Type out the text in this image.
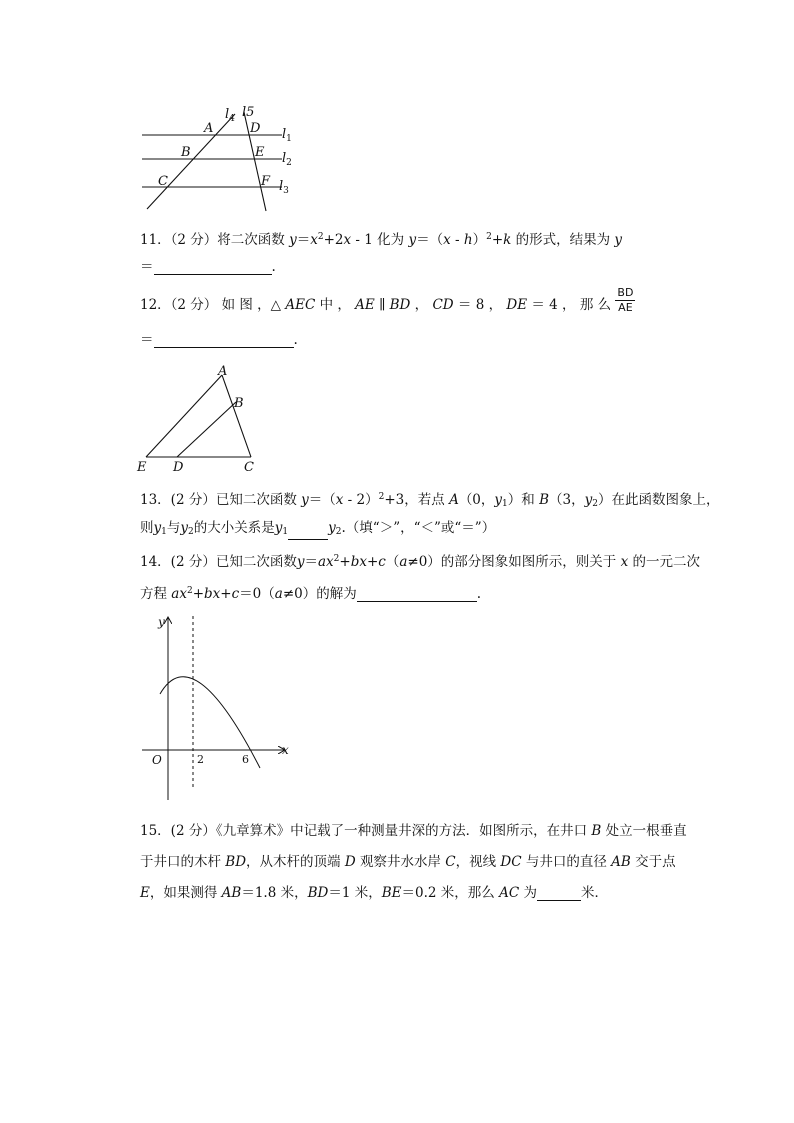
$l_4$ l5
A	D
B	E
C	F
$l_1$
$l_2$
$l_3$
11．（2 分）将二次函数 $y=x^2+2x - 1$ 化为 y＝（x - h）$^2$+k 的形式，结果为 y
＝	.
12．（2 分） 如 图 ，△ AEC 中 ， AE ∥ BD ， CD ＝ 8 ， DE ＝ 4 ， 那 么 $\frac{BD}{AE}$
＝	.
A
B
E D	C
13．(2 分）已知二次函数 y＝（x - 2）$^2$+3，若点 A（0，$y_1$）和 B（3，$y_2$）在此函数图象上，
则$y_1$与$y_2$的大小关系是$y_1$	$y_2$.（填“＞”，“＜”或“＝”）
14．(2 分）已知二次函数$y=ax^2+bx+c(a\ne 0)$的部分图象如图所示，则关于 x 的一元二次
方程 $ax^2+bx+c=0(a\ne 0)$的解为	.
y
x
O	2	6
15．(2 分）《九章算术》中记载了一种测量井深的方法．如图所示，在井口 B 处立一根垂直
于井口的木杆 BD，从木杆的顶端 D 观察井水水岸 C，视线 DC 与井口的直径 AB 交于点
E，如果测得 AB＝1.8 米，BD＝1 米，BE＝0.2 米，那么 AC 为	米．
